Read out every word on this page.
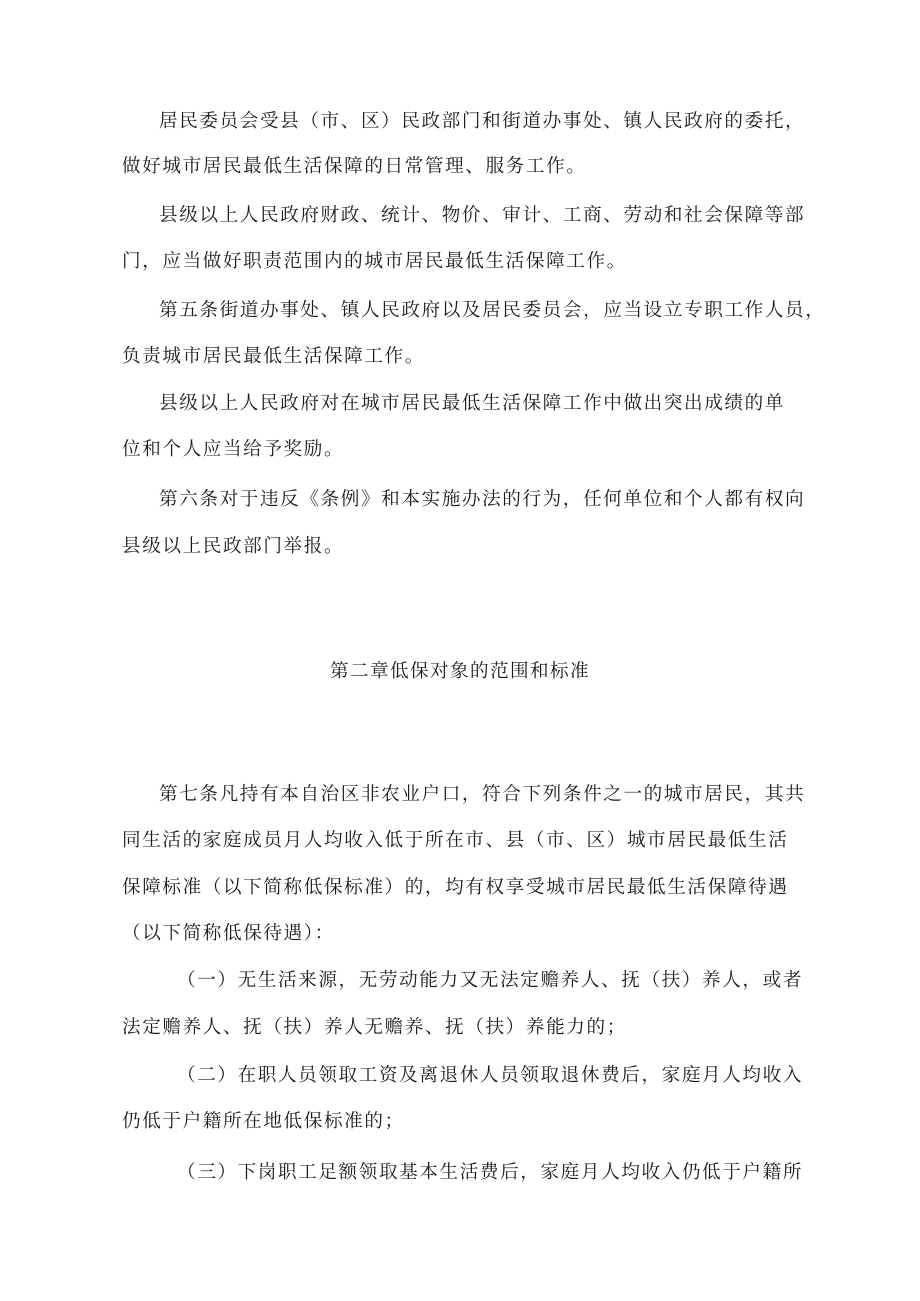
居民委员会受县（市、区）民政部门和街道办事处、镇人民政府的委托，
做好城市居民最低生活保障的日常管理、服务工作。
县级以上人民政府财政、统计、物价、审计、工商、劳动和社会保障等部
门，应当做好职责范围内的城市居民最低生活保障工作。
第五条街道办事处、镇人民政府以及居民委员会，应当设立专职工作人员，
负责城市居民最低生活保障工作。
县级以上人民政府对在城市居民最低生活保障工作中做出突出成绩的单
位和个人应当给予奖励。
第六条对于违反《条例》和本实施办法的行为，任何单位和个人都有权向
县级以上民政部门举报。
第二章低保对象的范围和标准
第七条凡持有本自治区非农业户口，符合下列条件之一的城市居民，其共
同生活的家庭成员月人均收入低于所在市、县（市、区）城市居民最低生活
保障标准（以下简称低保标准）的，均有权享受城市居民最低生活保障待遇
（以下简称低保待遇）：
（一）无生活来源，无劳动能力又无法定赡养人、抚（扶）养人，或者
法定赡养人、抚（扶）养人无赡养、抚（扶）养能力的；
（二）在职人员领取工资及离退休人员领取退休费后，家庭月人均收入
仍低于户籍所在地低保标准的；
（三）下岗职工足额领取基本生活费后，家庭月人均收入仍低于户籍所
